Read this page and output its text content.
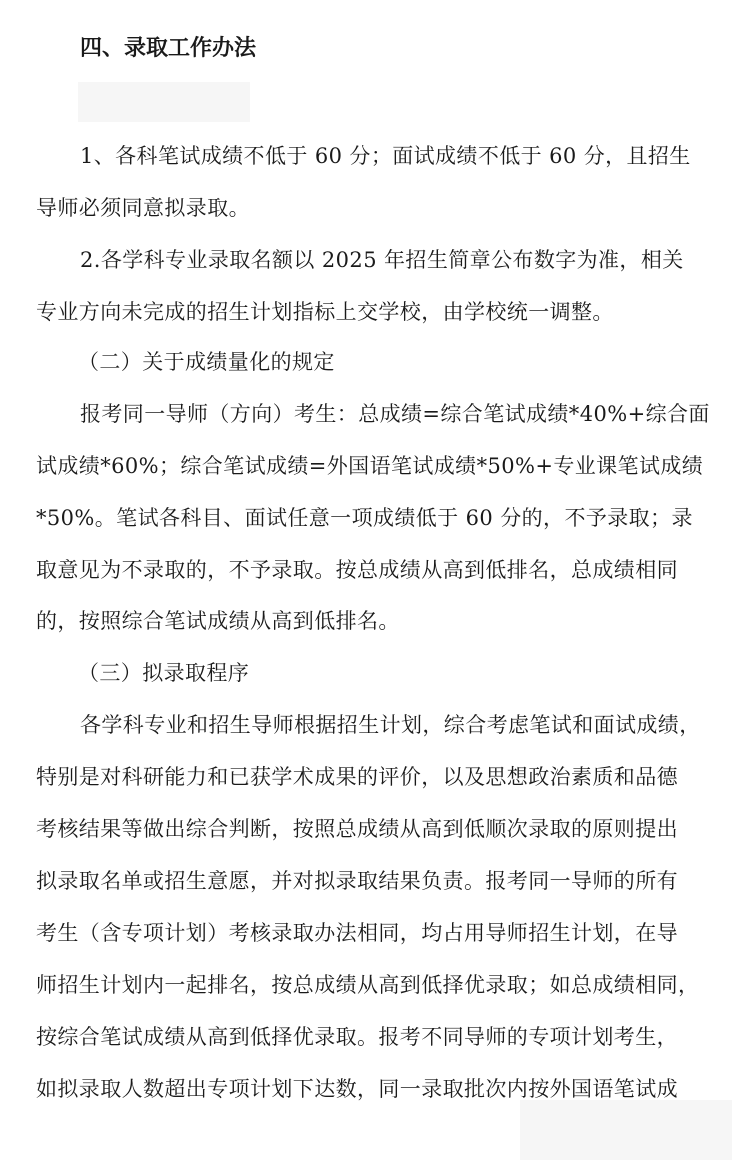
四、录取工作办法
1、各科笔试成绩不低于 60 分；面试成绩不低于 60 分，且招生
导师必须同意拟录取。
2.各学科专业录取名额以 2025 年招生简章公布数字为准，相关
专业方向未完成的招生计划指标上交学校，由学校统一调整。
（二）关于成绩量化的规定
报考同一导师（方向）考生：总成绩=综合笔试成绩*40%+综合面
试成绩*60%；综合笔试成绩=外国语笔试成绩*50%+专业课笔试成绩
*50%。笔试各科目、面试任意一项成绩低于 60 分的，不予录取；录
取意见为不录取的，不予录取。按总成绩从高到低排名，总成绩相同
的，按照综合笔试成绩从高到低排名。
（三）拟录取程序
各学科专业和招生导师根据招生计划，综合考虑笔试和面试成绩，
特别是对科研能力和已获学术成果的评价，以及思想政治素质和品德
考核结果等做出综合判断，按照总成绩从高到低顺次录取的原则提出
拟录取名单或招生意愿，并对拟录取结果负责。报考同一导师的所有
考生（含专项计划）考核录取办法相同，均占用导师招生计划，在导
师招生计划内一起排名，按总成绩从高到低择优录取；如总成绩相同，
按综合笔试成绩从高到低择优录取。报考不同导师的专项计划考生，
如拟录取人数超出专项计划下达数，同一录取批次内按外国语笔试成
